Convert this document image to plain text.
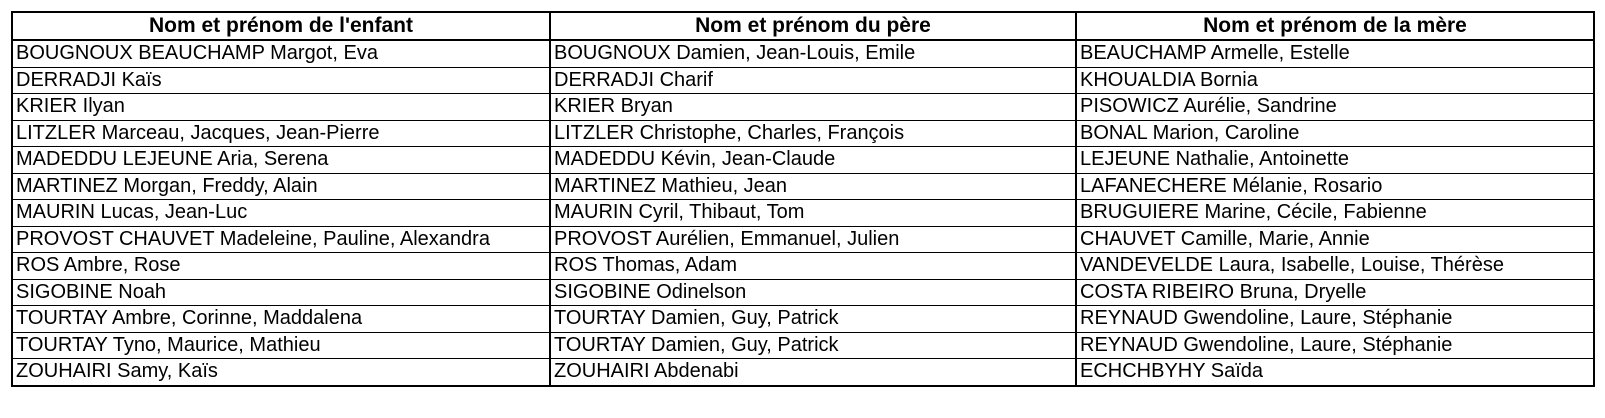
Nom et prénom de l'enfant	Nom et prénom du père	Nom et prénom de la mère
BOUGNOUX BEAUCHAMP Margot, Eva	BOUGNOUX Damien, Jean-Louis, Emile	BEAUCHAMP Armelle, Estelle
DERRADJI Kaïs	DERRADJI Charif	KHOUALDIA Bornia
KRIER Ilyan	KRIER Bryan	PISOWICZ Aurélie, Sandrine
LITZLER Marceau, Jacques, Jean-Pierre	LITZLER Christophe, Charles, François	BONAL Marion, Caroline
MADEDDU LEJEUNE Aria, Serena	MADEDDU Kévin, Jean-Claude	LEJEUNE Nathalie, Antoinette
MARTINEZ Morgan, Freddy, Alain	MARTINEZ Mathieu, Jean	LAFANECHERE Mélanie, Rosario
MAURIN Lucas, Jean-Luc	MAURIN Cyril, Thibaut, Tom	BRUGUIERE Marine, Cécile, Fabienne
PROVOST CHAUVET Madeleine, Pauline, Alexandra	PROVOST Aurélien, Emmanuel, Julien	CHAUVET Camille, Marie, Annie
ROS Ambre, Rose	ROS Thomas, Adam	VANDEVELDE Laura, Isabelle, Louise, Thérèse
SIGOBINE Noah	SIGOBINE Odinelson	COSTA RIBEIRO Bruna, Dryelle
TOURTAY Ambre, Corinne, Maddalena	TOURTAY Damien, Guy, Patrick	REYNAUD Gwendoline, Laure, Stéphanie
TOURTAY Tyno, Maurice, Mathieu	TOURTAY Damien, Guy, Patrick	REYNAUD Gwendoline, Laure, Stéphanie
ZOUHAIRI Samy, Kaïs	ZOUHAIRI Abdenabi	ECHCHBYHY Saïda
